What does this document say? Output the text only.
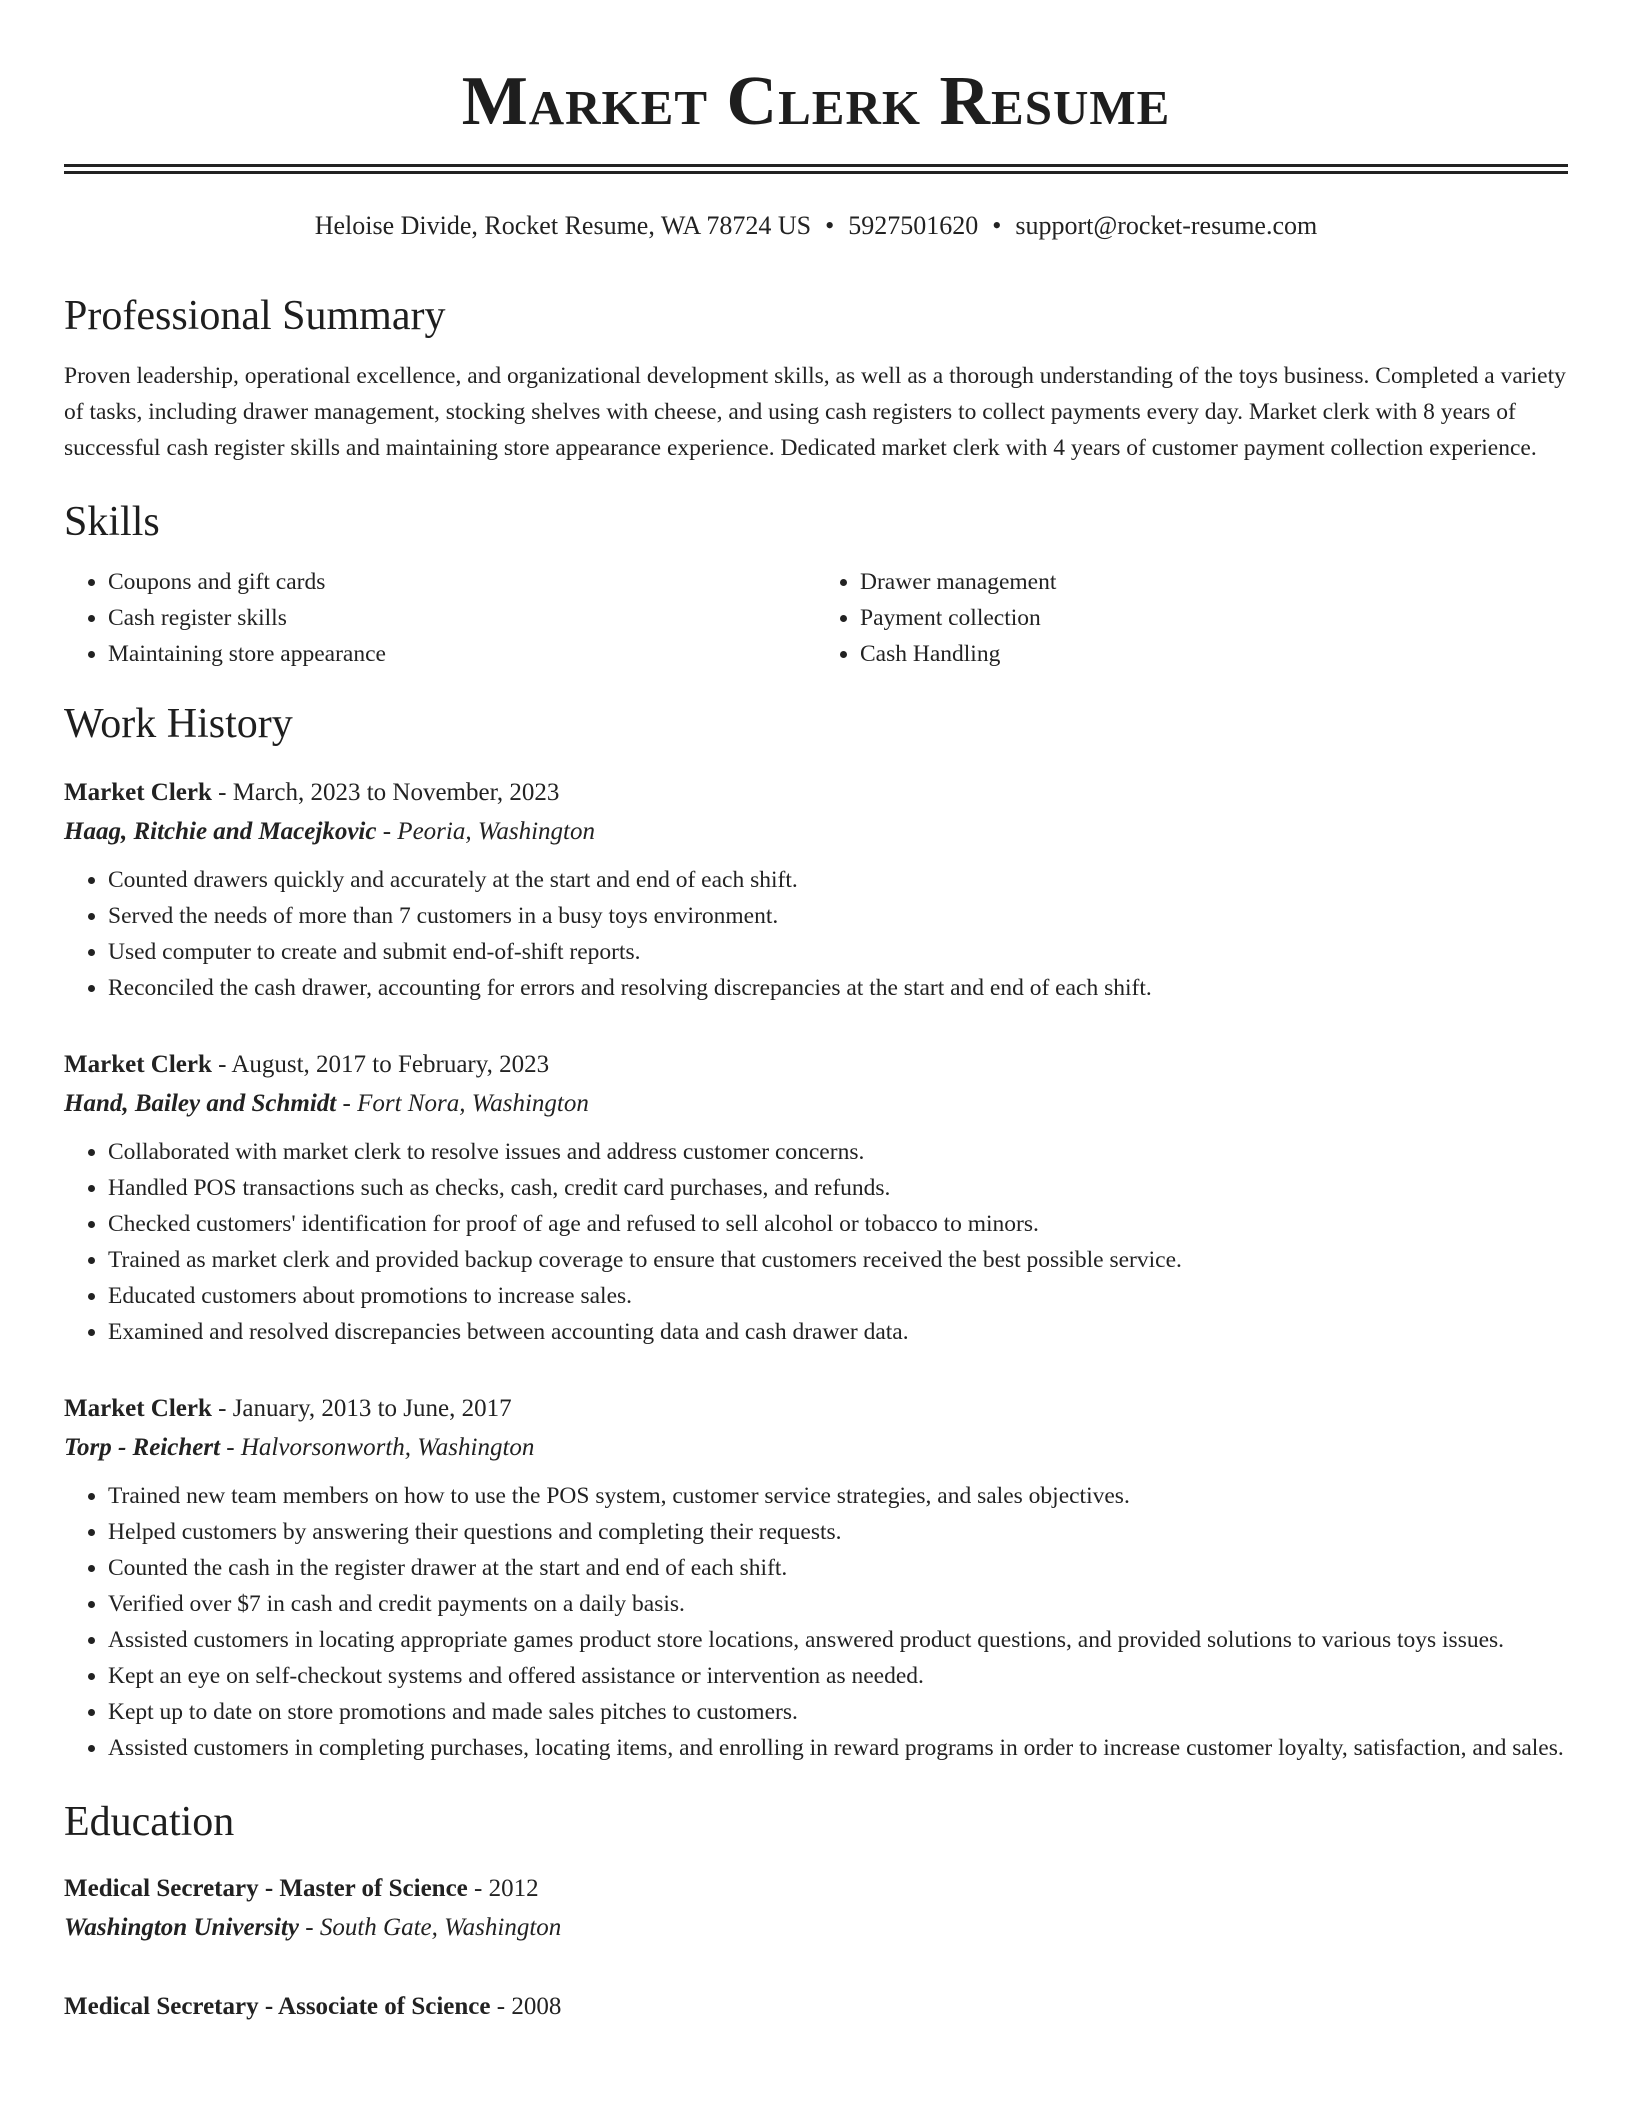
Market Clerk Resume
Heloise Divide, Rocket Resume, WA 78724 US • 5927501620 • support@rocket-resume.com
Professional Summary

Proven leadership, operational excellence, and organizational development skills, as well as a thorough understanding of the toys business. Completed a variety of tasks, including drawer management, stocking shelves with cheese, and using cash registers to collect payments every day. Market clerk with 8 years of successful cash register skills and maintaining store appearance experience. Dedicated market clerk with 4 years of customer payment collection experience.

Skills
• Coupons and gift cards
• Cash register skills
• Maintaining store appearance
• Drawer management
• Payment collection
• Cash Handling
Work History
Market Clerk - March, 2023 to November, 2023
Haag, Ritchie and Macejkovic - Peoria, Washington
• Counted drawers quickly and accurately at the start and end of each shift.
• Served the needs of more than 7 customers in a busy toys environment.
• Used computer to create and submit end-of-shift reports.
• Reconciled the cash drawer, accounting for errors and resolving discrepancies at the start and end of each shift.
Market Clerk - August, 2017 to February, 2023
Hand, Bailey and Schmidt - Fort Nora, Washington
• Collaborated with market clerk to resolve issues and address customer concerns.
• Handled POS transactions such as checks, cash, credit card purchases, and refunds.
• Checked customers' identification for proof of age and refused to sell alcohol or tobacco to minors.
• Trained as market clerk and provided backup coverage to ensure that customers received the best possible service.
• Educated customers about promotions to increase sales.
• Examined and resolved discrepancies between accounting data and cash drawer data.
Market Clerk - January, 2013 to June, 2017
Torp - Reichert - Halvorsonworth, Washington
• Trained new team members on how to use the POS system, customer service strategies, and sales objectives.
• Helped customers by answering their questions and completing their requests.
• Counted the cash in the register drawer at the start and end of each shift.
• Verified over $7 in cash and credit payments on a daily basis.
• Assisted customers in locating appropriate games product store locations, answered product questions, and provided solutions to various toys issues.
• Kept an eye on self-checkout systems and offered assistance or intervention as needed.
• Kept up to date on store promotions and made sales pitches to customers.
• Assisted customers in completing purchases, locating items, and enrolling in reward programs in order to increase customer loyalty, satisfaction, and sales.
Education
Medical Secretary - Master of Science - 2012
Washington University - South Gate, Washington
Medical Secretary - Associate of Science - 2008
